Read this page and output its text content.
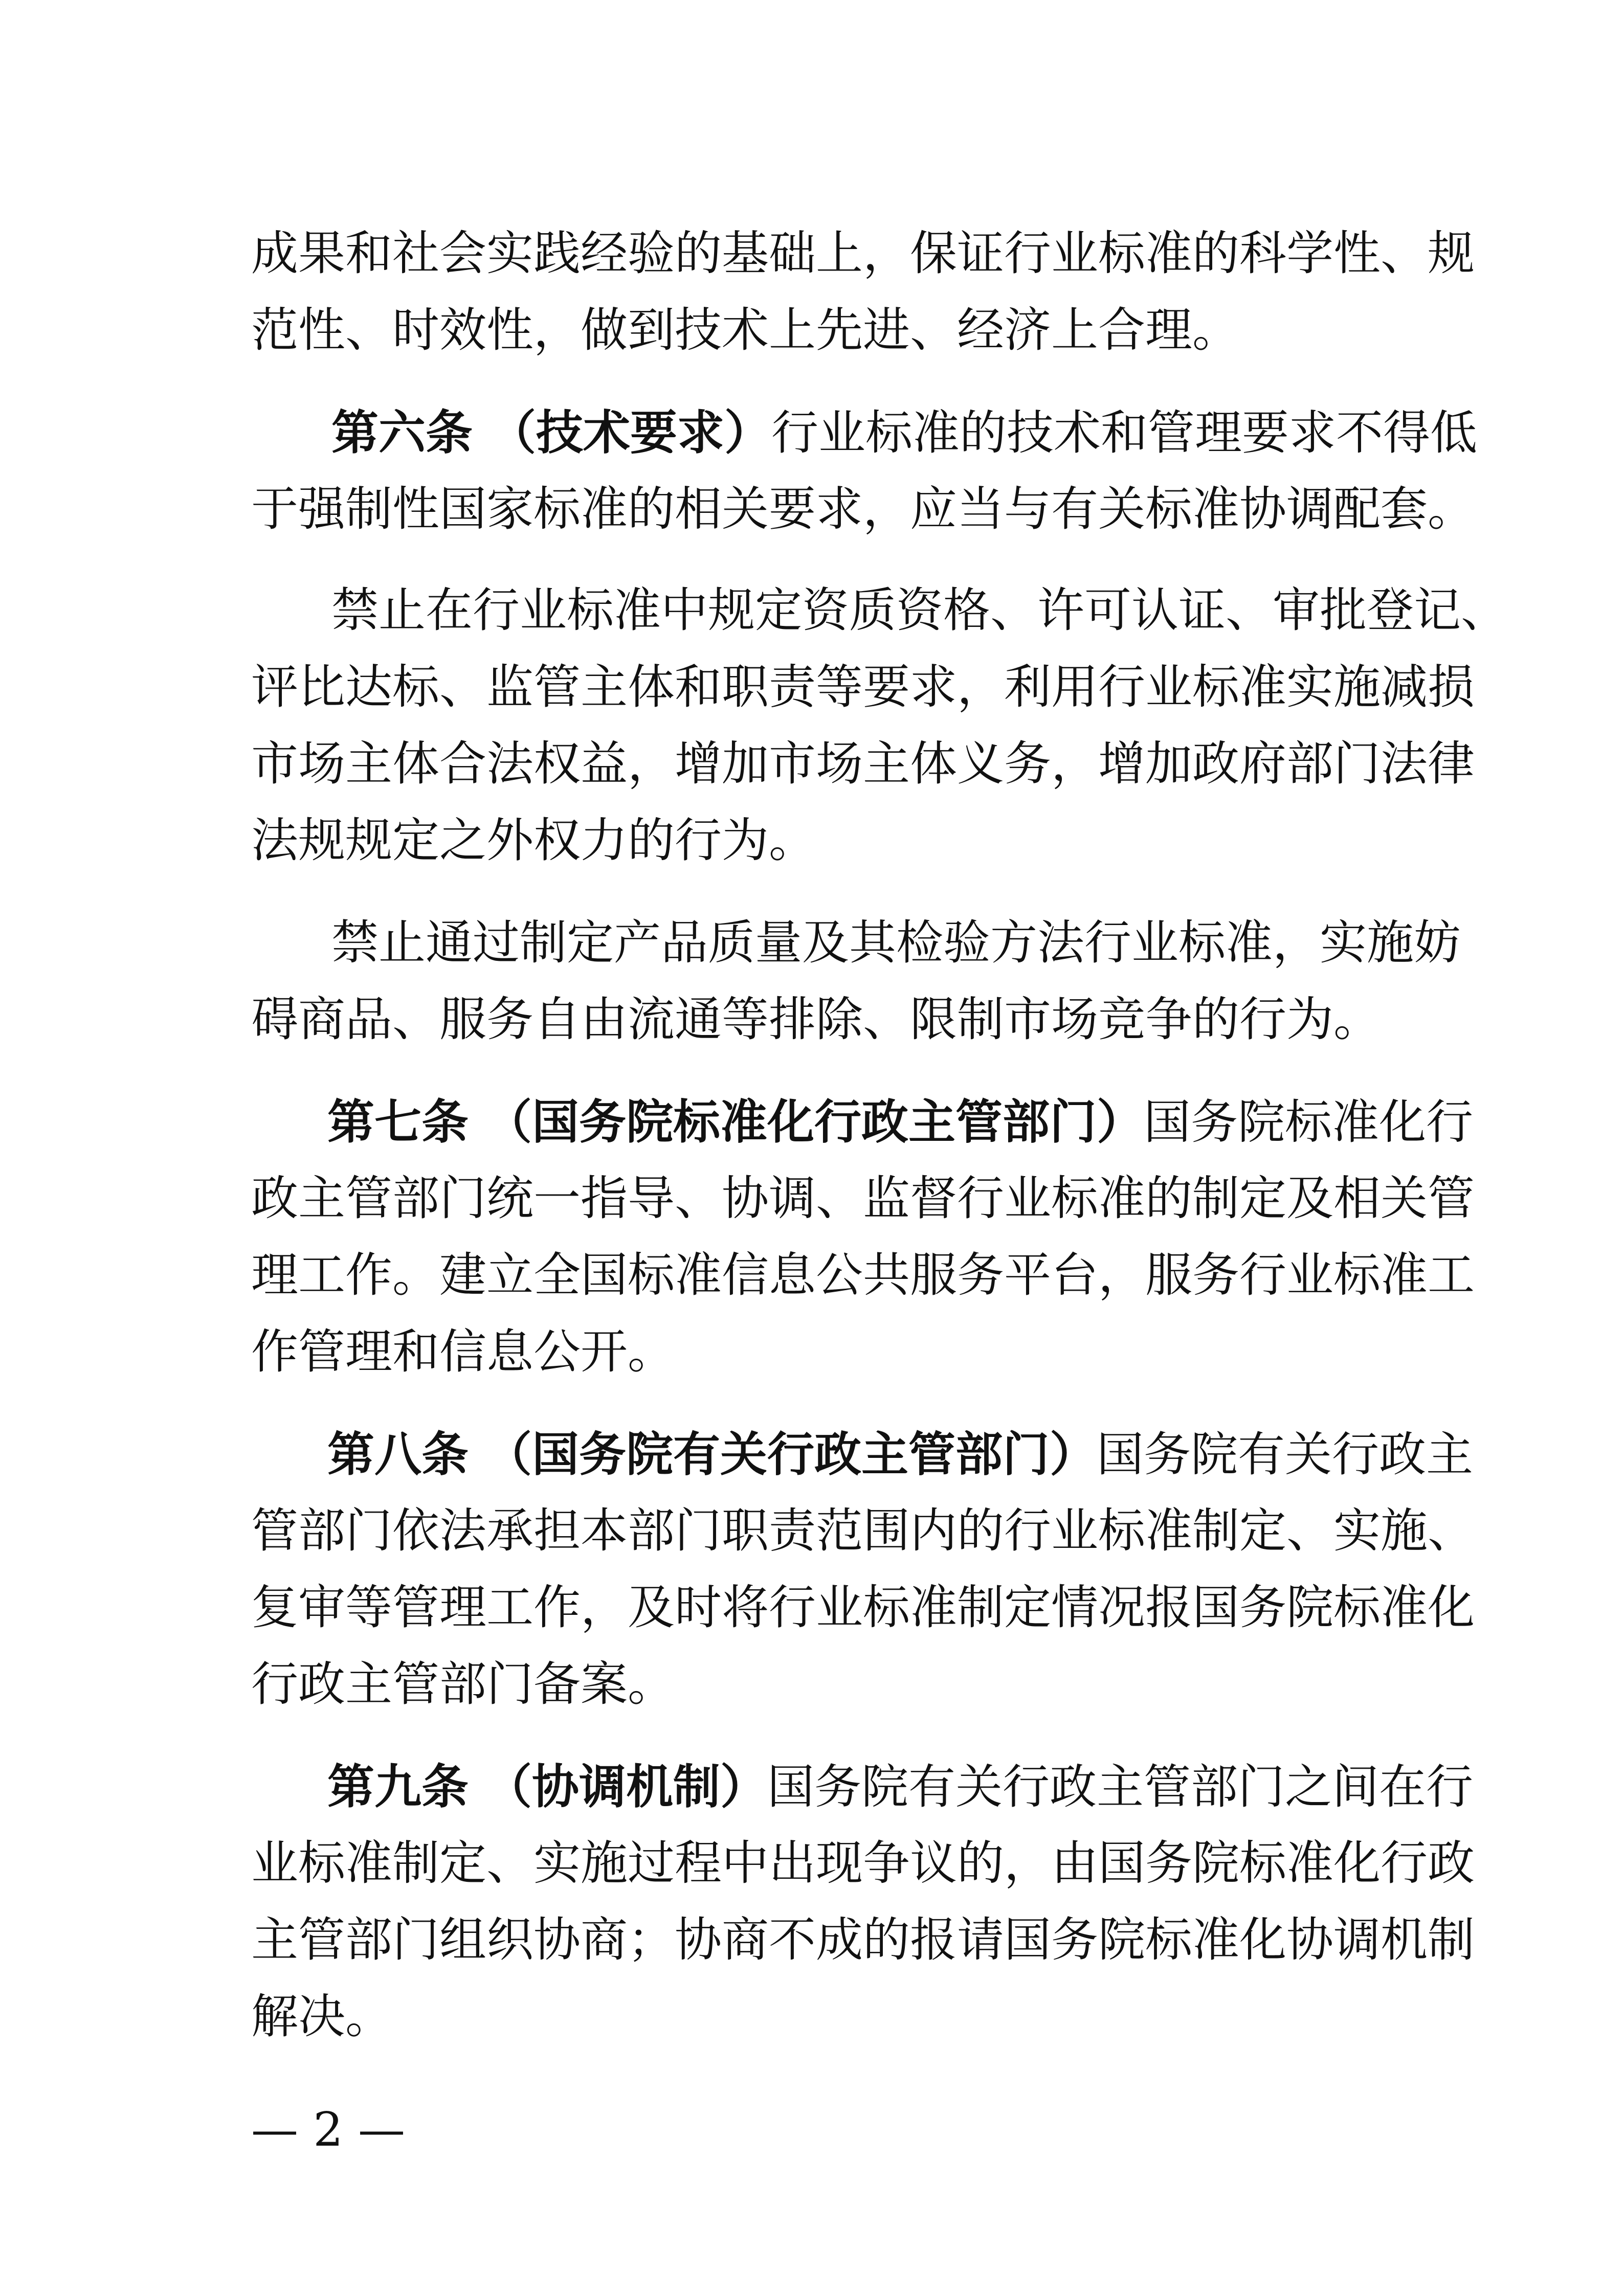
成果和社会实践经验的基础上，保证行业标准的科学性、规
范性、时效性，做到技术上先进、经济上合理。
第六条 （技术要求）行业标准的技术和管理要求不得低
于强制性国家标准的相关要求，应当与有关标准协调配套。
禁止在行业标准中规定资质资格、许可认证、审批登记、
评比达标、监管主体和职责等要求，利用行业标准实施减损
市场主体合法权益，增加市场主体义务，增加政府部门法律
法规规定之外权力的行为。
禁止通过制定产品质量及其检验方法行业标准，实施妨
碍商品、服务自由流通等排除、限制市场竞争的行为。
第七条 （国务院标准化行政主管部门）国务院标准化行
政主管部门统一指导、协调、监督行业标准的制定及相关管
理工作。建立全国标准信息公共服务平台，服务行业标准工
作管理和信息公开。
第八条 （国务院有关行政主管部门）国务院有关行政主
管部门依法承担本部门职责范围内的行业标准制定、实施、
复审等管理工作，及时将行业标准制定情况报国务院标准化
行政主管部门备案。
第九条 （协调机制）国务院有关行政主管部门之间在行
业标准制定、实施过程中出现争议的，由国务院标准化行政
主管部门组织协商；协商不成的报请国务院标准化协调机制
解决。
— 2 —
